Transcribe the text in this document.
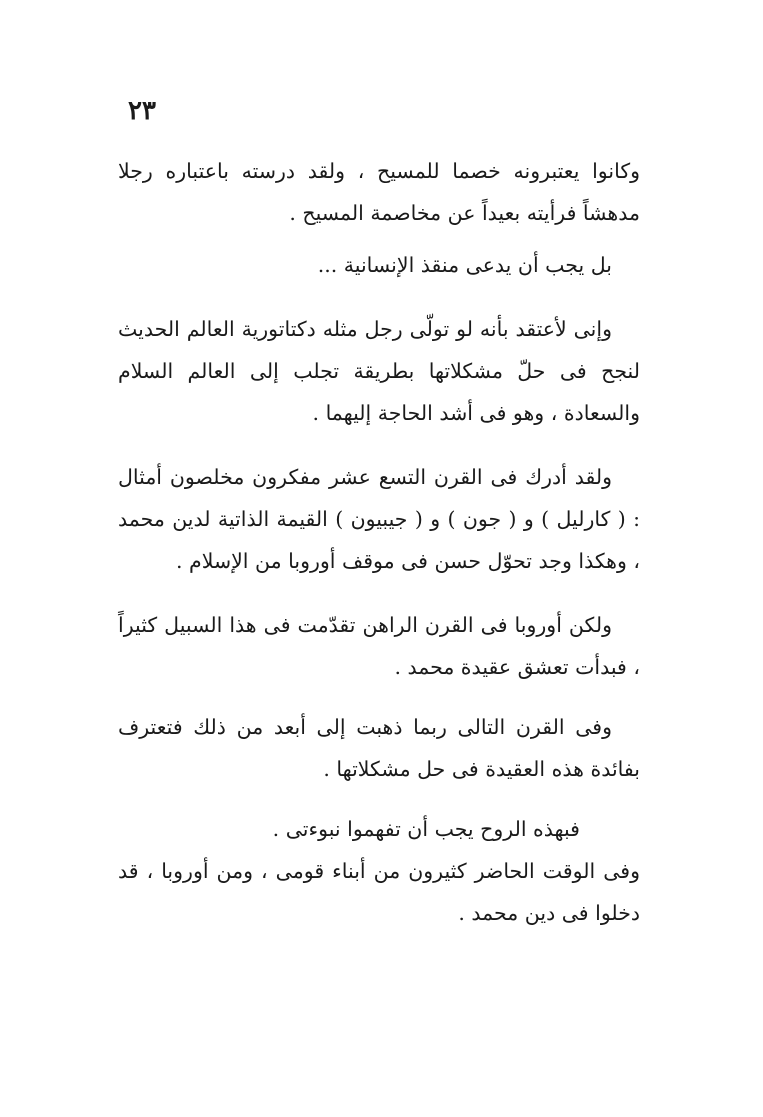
٢٣

وكانوا يعتبرونه خصما للمسيح ، ولقد درسته باعتباره رجلا مدهشاً فرأيته بعيداً عن مخاصمة المسيح .

بل يجب أن يدعى منقذ الإنسانية ...

وإنى لأعتقد بأنه لو تولّى رجل مثله دكتاتورية العالم الحديث لنجح فى حلّ مشكلاتها بطريقة تجلب إلى العالم السلام والسعادة ، وهو فى أشد الحاجة إليهما .

ولقد أدرك فى القرن التسع عشر مفكرون مخلصون أمثال : ( كارليل ) و ( جون ) و ( جيبيون ) القيمة الذاتية لدين محمد ، وهكذا وجد تحوّل حسن فى موقف أوروبا من الإسلام .

ولكن أوروبا فى القرن الراهن تقدّمت فى هذا السبيل كثيراً ، فبدأت تعشق عقيدة محمد .

وفى القرن التالى ربما ذهبت إلى أبعد من ذلك فتعترف بفائدة هذه العقيدة فى حل مشكلاتها .

فبهذه الروح يجب أن تفهموا نبوءتى .

وفى الوقت الحاضر كثيرون من أبناء قومى ، ومن أوروبا ، قد دخلوا فى دين محمد .
